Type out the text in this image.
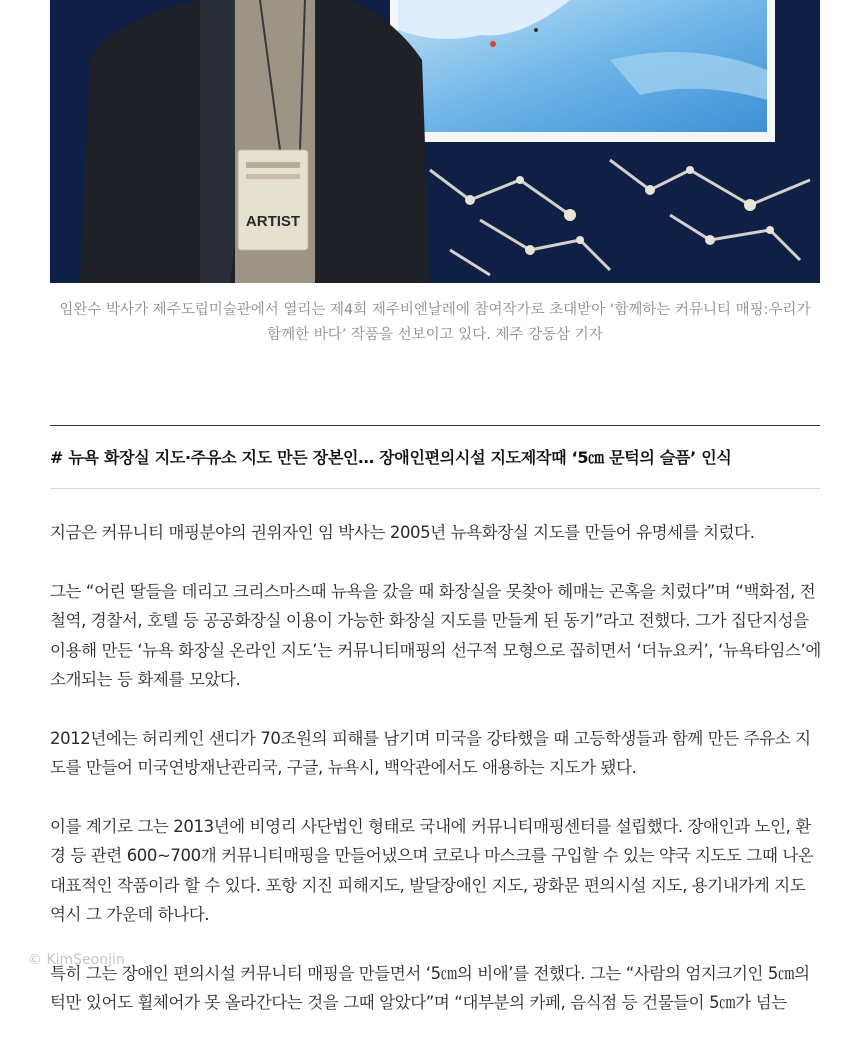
ARTIST
임완수 박사가 제주도립미술관에서 열리는 제4회 제주비엔날레에 참여작가로 초대받아 ‘함께하는 커뮤니티 매핑:우리가
함께한 바다’ 작품을 선보이고 있다. 제주 강동삼 기자
# 뉴욕 화장실 지도·주유소 지도 만든 장본인… 장애인편의시설 지도제작때 ‘5㎝ 문턱의 슬픔’ 인식

지금은 커뮤니티 매핑분야의 권위자인 임 박사는 2005년 뉴욕화장실 지도를 만들어 유명세를 치렀다.

그는 “어린 딸들을 데리고 크리스마스때 뉴욕을 갔을 때 화장실을 못찾아 헤매는 곤혹을 치렀다”며 “백화점, 전철역, 경찰서, 호텔 등 공공화장실 이용이 가능한 화장실 지도를 만들게 된 동기”라고 전했다. 그가 집단지성을 이용해 만든 ‘뉴욕 화장실 온라인 지도’는 커뮤니티매핑의 선구적 모형으로 꼽히면서 ‘더뉴요커’, ‘뉴욕타임스’에 소개되는 등 화제를 모았다.

2012년에는 허리케인 샌디가 70조원의 피해를 남기며 미국을 강타했을 때 고등학생들과 함께 만든 주유소 지도를 만들어 미국연방재난관리국, 구글, 뉴욕시, 백악관에서도 애용하는 지도가 됐다.

이를 계기로 그는 2013년에 비영리 사단법인 형태로 국내에 커뮤니티매핑센터를 설립했다. 장애인과 노인, 환경 등 관련 600~700개 커뮤니티매핑을 만들어냈으며 코로나 마스크를 구입할 수 있는 약국 지도도 그때 나온 대표적인 작품이라 할 수 있다. 포항 지진 피해지도, 발달장애인 지도, 광화문 편의시설 지도, 용기내가게 지도 역시 그 가운데 하나다.

특히 그는 장애인 편의시설 커뮤니티 매핑을 만들면서 ‘5㎝의 비애’를 전했다. 그는 “사람의 엄지크기인 5㎝의 턱만 있어도 휠체어가 못 올라간다는 것을 그때 알았다”며 “대부분의 카페, 음식점 등 건물들이 5㎝가 넘는

© KimSeonjin
